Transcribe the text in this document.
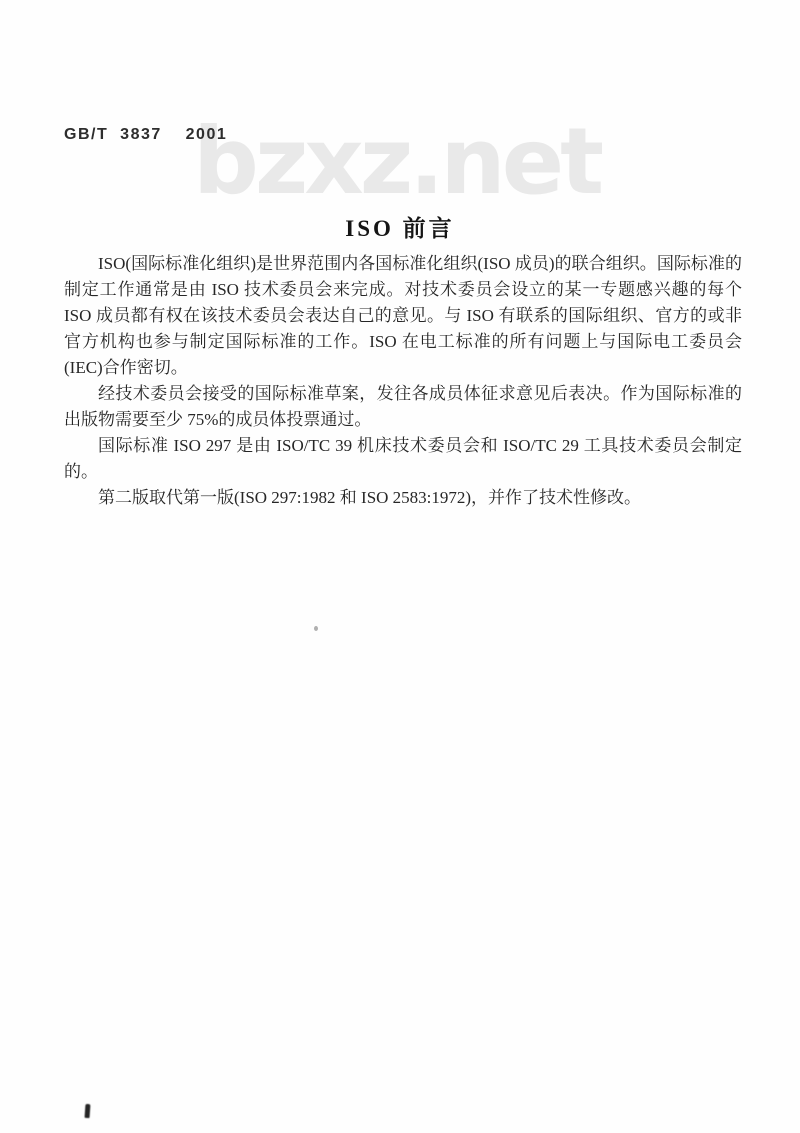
GB/T 3837  2001
bzxz.net
ISO 前言

ISO(国际标准化组织)是世界范围内各国标准化组织(ISO 成员)的联合组织。国际标准的制定工作通常是由 ISO 技术委员会来完成。对技术委员会设立的某一专题感兴趣的每个 ISO 成员都有权在该技术委员会表达自己的意见。与 ISO 有联系的国际组织、官方的或非官方机构也参与制定国际标准的工作。ISO 在电工标准的所有问题上与国际电工委员会(IEC)合作密切。

经技术委员会接受的国际标准草案，发往各成员体征求意见后表决。作为国际标准的出版物需要至少 75%的成员体投票通过。

国际标准 ISO 297 是由 ISO/TC 39 机床技术委员会和 ISO/TC 29 工具技术委员会制定的。

第二版取代第一版(ISO 297:1982 和 ISO 2583:1972)，并作了技术性修改。
